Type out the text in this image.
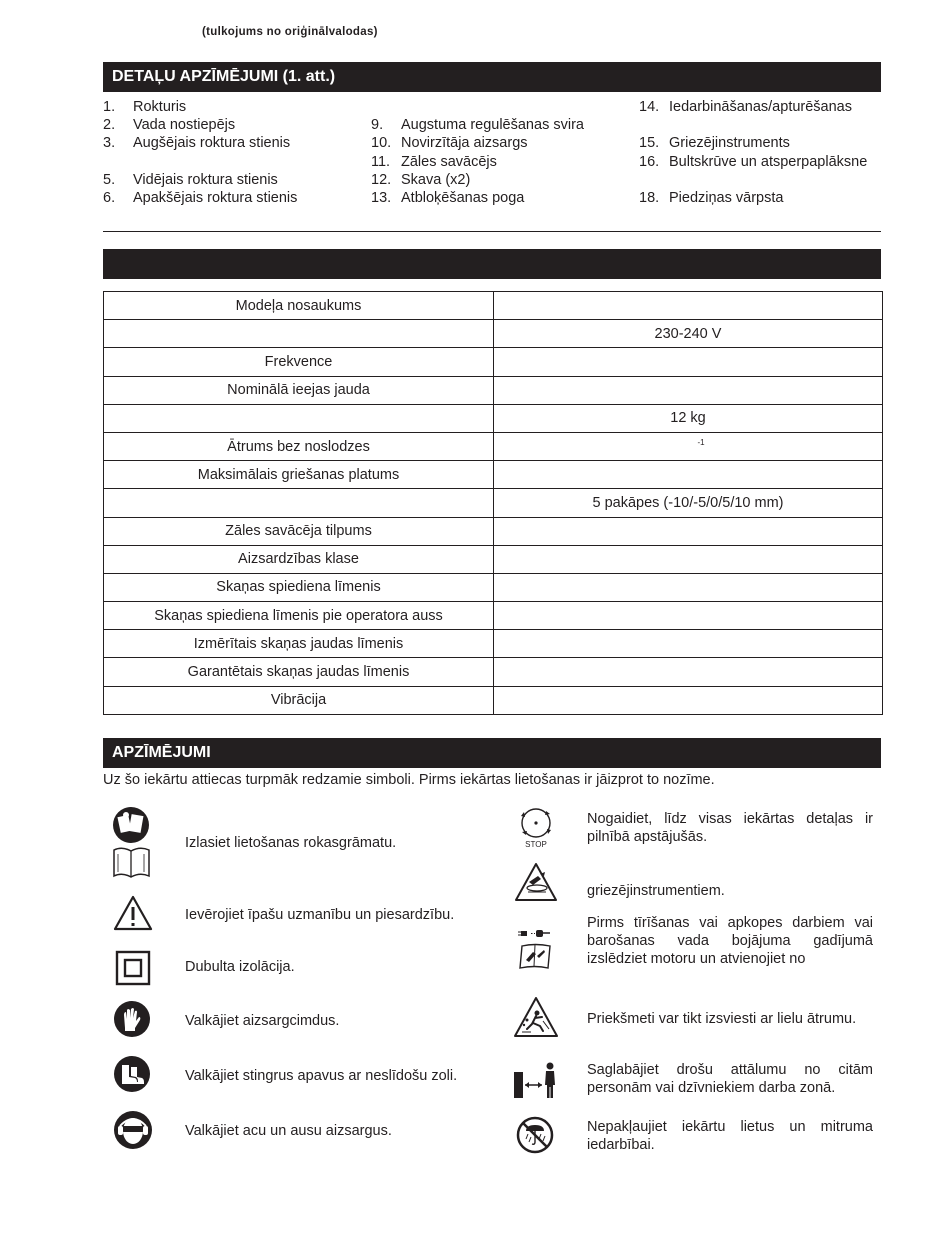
(tulkojums no oriģinālvalodas)
DETAĻU APZĪMĒJUMI (1. att.)
1. Rokturis
2. Vada nostiepējs
3. Augšējais roktura stienis
5. Vidējais roktura stienis
6. Apakšējais roktura stienis
9. Augstuma regulēšanas svira
10. Novirzītāja aizsargs
11. Zāles savācējs
12. Skava (x2)
13. Atbloķēšanas poga
14. Iedarbināšanas/apturēšanas
15. Griezējinstruments
16. Bultskrūve un atsperpaplāksne
18. Piedziņas vārpsta
Modeļa nosaukums	
	230-240 V
Frekvence	
Nominālā ieejas jauda	
	12 kg
Ātrums bez noslodzes	$^{-1}$
Maksimālais griešanas platums	
	5 pakāpes (-10/-5/0/5/10 mm)
Zāles savācēja tilpums	
Aizsardzības klase	
Skaņas spiediena līmenis	
Skaņas spiediena līmenis pie operatora auss	
Izmērītais skaņas jaudas līmenis	
Garantētais skaņas jaudas līmenis	
Vibrācija	
APZĪMĒJUMI
Uz šo iekārtu attiecas turpmāk redzamie simboli. Pirms iekārtas lietošanas ir jāizprot to nozīme.
Izlasiet lietošanas rokasgrāmatu.
Ievērojiet īpašu uzmanību un piesardzību.
Dubulta izolācija.
Valkājiet aizsargcimdus.
Valkājiet stingrus apavus ar neslīdošu zoli.
Valkājiet acu un ausu aizsargus.
STOP
Nogaidiet, līdz visas iekārtas detaļas ir pilnībā apstājušās.
griezējinstrumentiem.
Pirms tīrīšanas vai apkopes darbiem vai barošanas vada bojājuma gadījumā izslēdziet motoru un atvienojiet no
Priekšmeti var tikt izsviesti ar lielu ātrumu.
Saglabājiet drošu attālumu no citām personām vai dzīvniekiem darba zonā.
Nepakļaujiet iekārtu lietus un mitruma iedarbībai.
